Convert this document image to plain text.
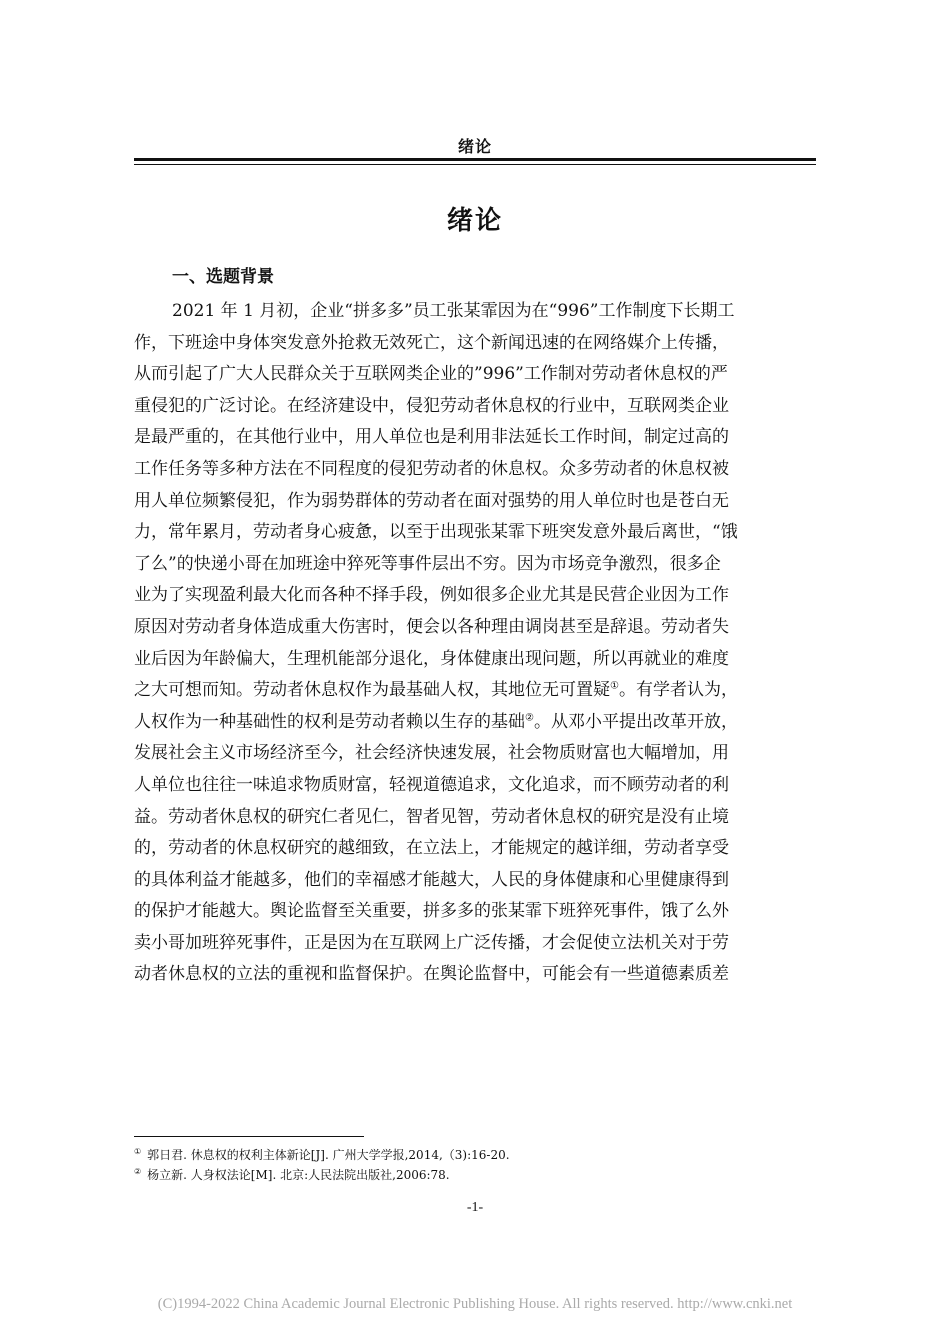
绪论
绪论
一、选题背景
2021 年 1 月初，企业“拼多多”员工张某霏因为在“996”工作制度下长期工
作，下班途中身体突发意外抢救无效死亡，这个新闻迅速的在网络媒介上传播，
从而引起了广大人民群众关于互联网类企业的”996”工作制对劳动者休息权的严
重侵犯的广泛讨论。在经济建设中，侵犯劳动者休息权的行业中，互联网类企业
是最严重的，在其他行业中，用人单位也是利用非法延长工作时间，制定过高的
工作任务等多种方法在不同程度的侵犯劳动者的休息权。众多劳动者的休息权被
用人单位频繁侵犯，作为弱势群体的劳动者在面对强势的用人单位时也是苍白无
力，常年累月，劳动者身心疲惫，以至于出现张某霏下班突发意外最后离世，“饿
了么”的快递小哥在加班途中猝死等事件层出不穷。因为市场竞争激烈，很多企
业为了实现盈利最大化而各种不择手段，例如很多企业尤其是民营企业因为工作
原因对劳动者身体造成重大伤害时，便会以各种理由调岗甚至是辞退。劳动者失
业后因为年龄偏大，生理机能部分退化，身体健康出现问题，所以再就业的难度
之大可想而知。劳动者休息权作为最基础人权，其地位无可置疑①。有学者认为，
人权作为一种基础性的权利是劳动者赖以生存的基础②。从邓小平提出改革开放，
发展社会主义市场经济至今，社会经济快速发展，社会物质财富也大幅增加，用
人单位也往往一味追求物质财富，轻视道德追求，文化追求，而不顾劳动者的利
益。劳动者休息权的研究仁者见仁，智者见智，劳动者休息权的研究是没有止境
的，劳动者的休息权研究的越细致，在立法上，才能规定的越详细，劳动者享受
的具体利益才能越多，他们的幸福感才能越大，人民的身体健康和心里健康得到
的保护才能越大。舆论监督至关重要，拼多多的张某霏下班猝死事件，饿了么外
卖小哥加班猝死事件，正是因为在互联网上广泛传播，才会促使立法机关对于劳
动者休息权的立法的重视和监督保护。在舆论监督中，可能会有一些道德素质差
① 郭日君. 休息权的权利主体新论[J]. 广州大学学报,2014,（3):16-20.
② 杨立新. 人身权法论[M]. 北京:人民法院出版社,2006:78.
-1-
(C)1994-2022 China Academic Journal Electronic Publishing House. All rights reserved. http://www.cnki.net
